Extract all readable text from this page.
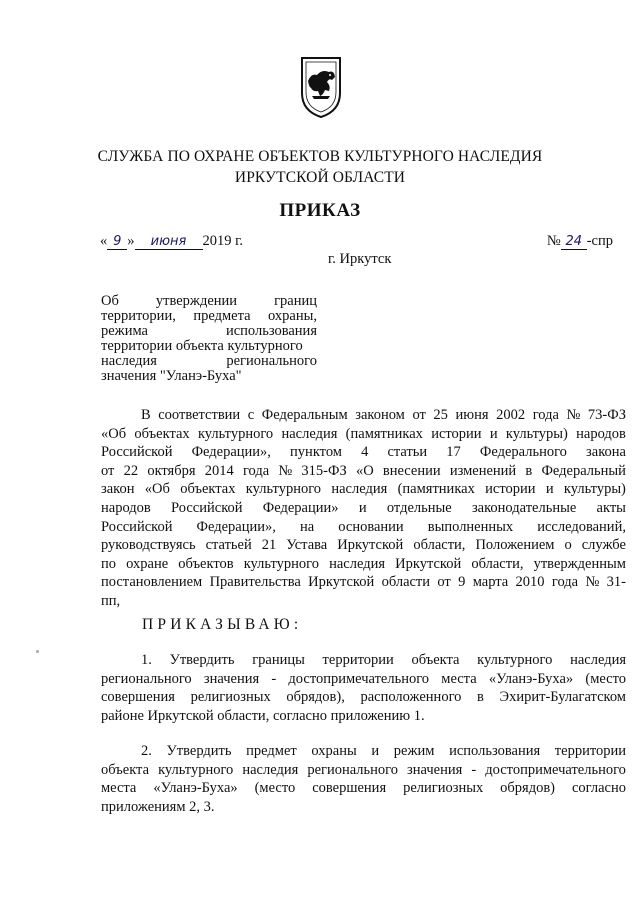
СЛУЖБА ПО ОХРАНЕ ОБЪЕКТОВ КУЛЬТУРНОГО НАСЛЕДИЯ
ИРКУТСКОЙ ОБЛАСТИ
ПРИКАЗ
« 9 » июня 2019 г.	№ 24 -спр
г. Иркутск
Об	утверждении	границ
территории, предмета охраны,
режима	использования
территории объекта культурного
наследия	регионального
значения "Уланэ-Буха"
В соответствии с Федеральным законом от 25 июня 2002 года № 73-ФЗ
«Об объектах культурного наследия (памятниках истории и культуры) народов
Российской Федерации», пунктом 4 статьи 17 Федерального закона
от 22 октября 2014 года № 315-ФЗ «О внесении изменений в Федеральный
закон «Об объектах культурного наследия (памятниках истории и культуры)
народов Российской Федерации» и отдельные законодательные акты
Российской Федерации», на основании выполненных исследований,
руководствуясь статьей 21 Устава Иркутской области, Положением о службе
по охране объектов культурного наследия Иркутской области, утвержденным
постановлением Правительства Иркутской области от 9 марта 2010 года № 31-
пп,
ПРИКАЗЫВАЮ:
1. Утвердить границы территории объекта культурного наследия
регионального значения - достопримечательного места «Уланэ-Буха» (место
совершения религиозных обрядов), расположенного в Эхирит-Булагатском
районе Иркутской области, согласно приложению 1.
2. Утвердить предмет охраны и режим использования территории
объекта культурного наследия регионального значения - достопримечательного
места «Уланэ-Буха» (место совершения религиозных обрядов) согласно
приложениям 2, 3.
